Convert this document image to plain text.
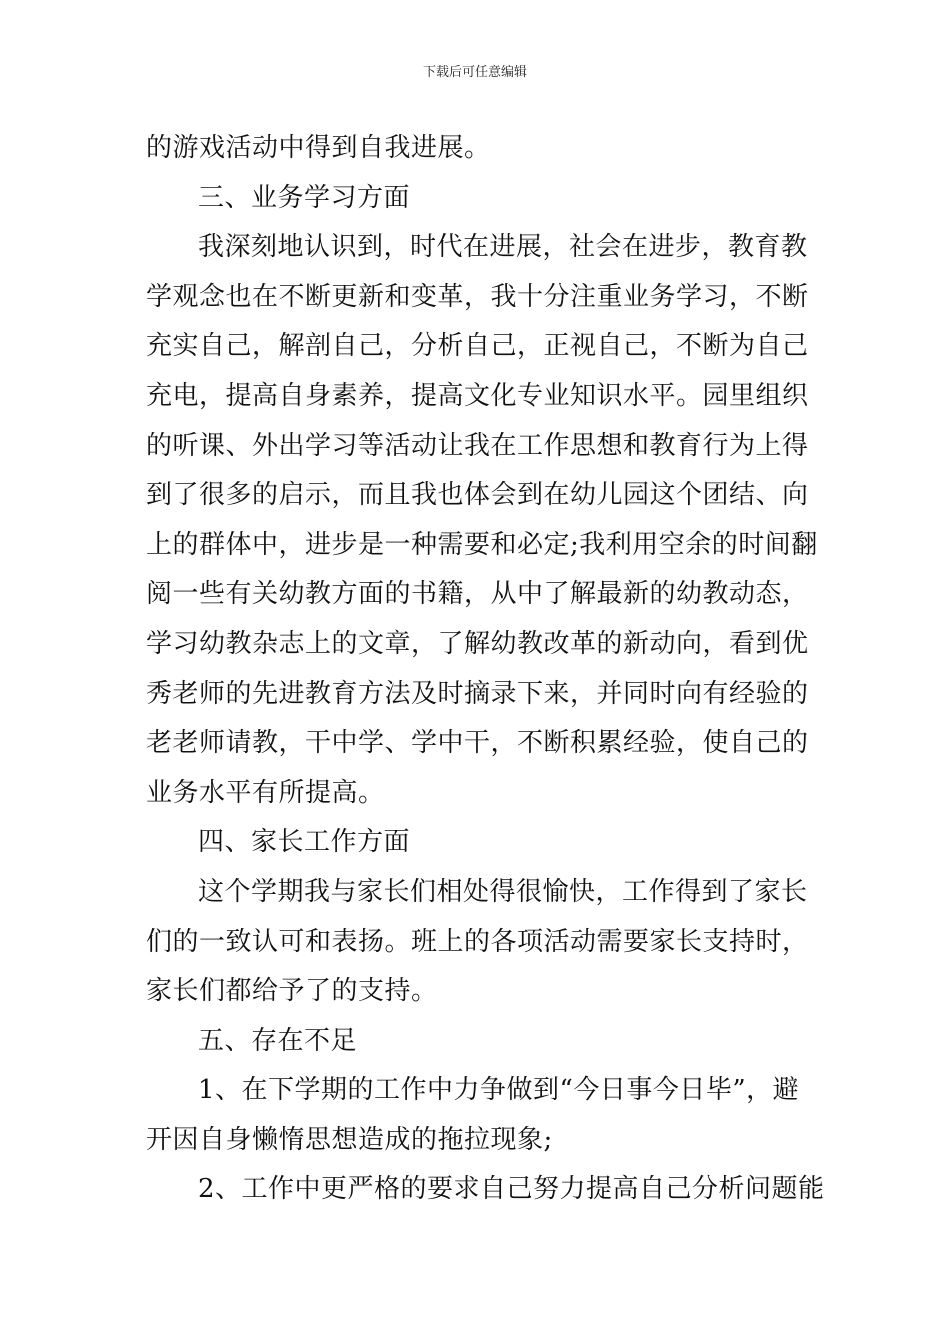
下载后可任意编辑
的游戏活动中得到自我进展。
三、业务学习方面
我深刻地认识到，时代在进展，社会在进步，教育教
学观念也在不断更新和变革，我十分注重业务学习，不断
充实自己，解剖自己，分析自己，正视自己，不断为自己
充电，提高自身素养，提高文化专业知识水平。园里组织
的听课、外出学习等活动让我在工作思想和教育行为上得
到了很多的启示，而且我也体会到在幼儿园这个团结、向
上的群体中，进步是一种需要和必定;我利用空余的时间翻
阅一些有关幼教方面的书籍，从中了解最新的幼教动态，
学习幼教杂志上的文章，了解幼教改革的新动向，看到优
秀老师的先进教育方法及时摘录下来，并同时向有经验的
老老师请教，干中学、学中干，不断积累经验，使自己的
业务水平有所提高。
四、家长工作方面
这个学期我与家长们相处得很愉快，工作得到了家长
们的一致认可和表扬。班上的各项活动需要家长支持时，
家长们都给予了的支持。
五、存在不足
1、在下学期的工作中力争做到“今日事今日毕”，避
开因自身懒惰思想造成的拖拉现象;
2、工作中更严格的要求自己努力提高自己分析问题能
